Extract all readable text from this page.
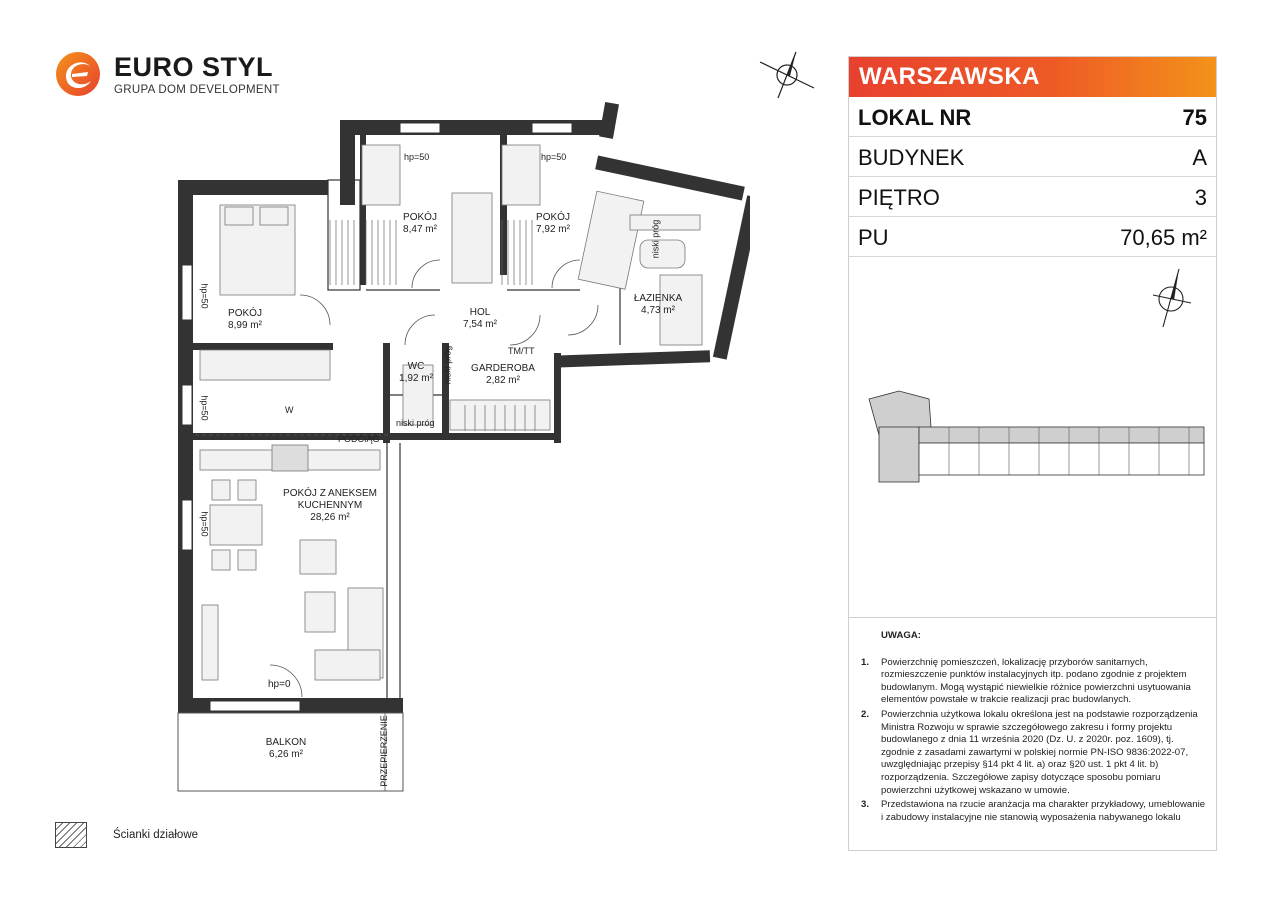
EURO STYL
GRUPA DOM DEVELOPMENT
POKÓJ
8,99 m²
POKÓJ
8,47 m²
POKÓJ
7,92 m²
HOL
7,54 m²
ŁAZIENKA
4,73 m²
WC
1,92 m²
GARDEROBA
2,82 m²
POKÓJ Z ANEKSEM
KUCHENNYM
28,26 m²
BALKON
6,26 m²
hp=50	hp=50
hp=50
hp=50
hp=50
hp=0
niski próg
niski próg
niski próg
TM/TT
PODCIĄG
W
PRZEPIERZENIE
WARSZAWSKA
LOKAL NR	75
BUDYNEK	A
PIĘTRO	3
PU	70,65 m²
UWAGA:
1. Powierzchnię pomieszczeń, lokalizację przyborów sanitarnych, rozmieszczenie punktów instalacyjnych itp. podano zgodnie z projektem budowlanym. Mogą wystąpić niewielkie różnice powierzchni usytuowania elementów powstałe w trakcie realizacji prac budowlanych.
2. Powierzchnia użytkowa lokalu określona jest na podstawie rozporządzenia Ministra Rozwoju w sprawie szczegółowego zakresu i formy projektu budowlanego z dnia 11 września 2020 (Dz. U. z 2020r. poz. 1609), tj. zgodnie z zasadami zawartymi w polskiej normie PN-ISO 9836:2022-07, uwzględniając przepisy §14 pkt 4 lit. a) oraz §20 ust. 1 pkt 4 lit. b) rozporządzenia. Szczegółowe zapisy dotyczące sposobu pomiaru powierzchni użytkowej wskazano w umowie.
3. Przedstawiona na rzucie aranżacja ma charakter przykładowy, umeblowanie i zabudowy instalacyjne nie stanowią wyposażenia nabywanego lokalu
Ścianki działowe
